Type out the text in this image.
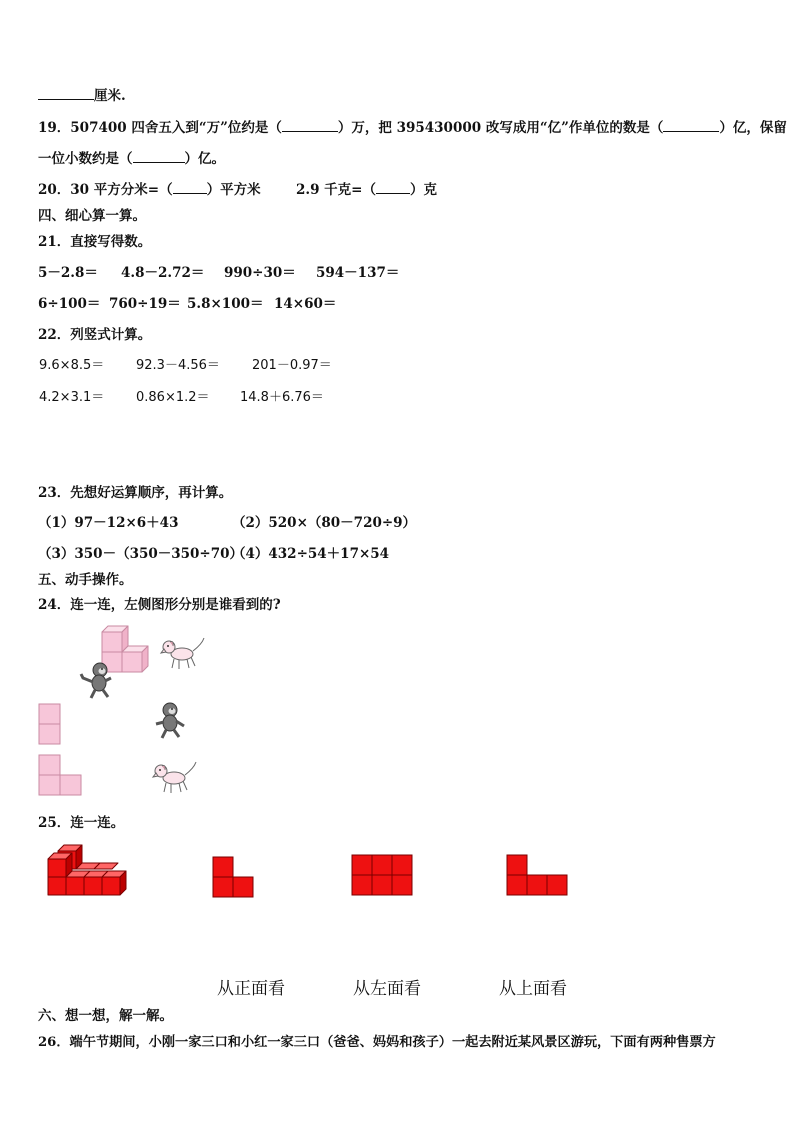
厘米.
19．507400 四舍五入到“万”位约是（	）万，把 395430000 改写成用“亿”作单位的数是（	）亿，保留
一位小数约是（	）亿。
20．30 平方分米=（	）平方米	2.9 千克=（	）克
四、细心算一算。
21．直接写得数。
5－2.8＝ 4.8－2.72＝ 990÷30＝ 594－137＝
6÷100＝ 760÷19＝ 5.8×100＝ 14×60＝
22．列竖式计算。
9.6×8.5＝ 92.3－4.56＝ 201－0.97＝
4.2×3.1＝ 0.86×1.2＝ 14.8＋6.76＝
23．先想好运算顺序，再计算。
（1）97－12×6＋43	（2）520×（80－720÷9）
（3）350－（350－350÷70）
（4）432÷54＋17×54
五、动手操作。
24．连一连，左侧图形分别是谁看到的?
25．连一连。
从正面看	从左面看	从上面看
六、想一想，解一解。
26．端午节期间，小刚一家三口和小红一家三口（爸爸、妈妈和孩子）一起去附近某风景区游玩，下面有两种售票方
